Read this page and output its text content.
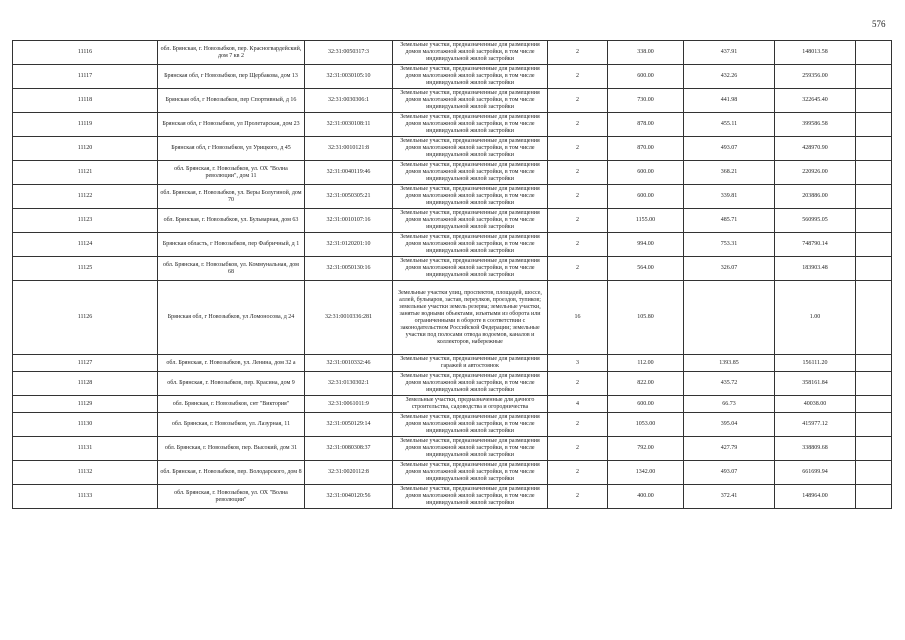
576
11116	обл. Брянская, г. Новозыбков, пер. Красногвардейский, дом 7 кв 2	32:31:0050317:3	Земельные участки, предназначенные для размещения домов малоэтажной жилой застройки, в том числе индивидуальной жилой застройки	2	338.00	437.91	148013.58	
11117	Брянская обл, г Новозыбков, пер Щербакова, дом 13	32:31:0030105:10	Земельные участки, предназначенные для размещения домов малоэтажной жилой застройки, в том числе индивидуальной жилой застройки	2	600.00	432.26	259356.00	
11118	Брянская обл, г Новозыбков, пер Спортивный, д 16	32:31:0030306:1	Земельные участки, предназначенные для размещения домов малоэтажной жилой застройки, в том числе индивидуальной жилой застройки	2	730.00	441.98	322645.40	
11119	Брянская обл, г Новозыбков, ул Пролетарская, дом 23	32:31:0030108:11	Земельные участки, предназначенные для размещения домов малоэтажной жилой застройки, в том числе индивидуальной жилой застройки	2	878.00	455.11	399586.58	
11120	Брянская обл, г Новозыбков, ул Урицкого, д 45	32:31:0010121:8	Земельные участки, предназначенные для размещения домов малоэтажной жилой застройки, в том числе индивидуальной жилой застройки	2	870.00	493.07	428970.90	
11121	обл. Брянская, г. Новозыбков, ул. ОХ "Волна революции", дом 11	32:31:0040119:46	Земельные участки, предназначенные для размещения домов малоэтажной жилой застройки, в том числе индивидуальной жилой застройки	2	600.00	368.21	220926.00	
11122	обл. Брянская, г. Новозыбков, ул. Веры Болугиной, дом 70	32:31:0050305:21	Земельные участки, предназначенные для размещения домов малоэтажной жилой застройки, в том числе индивидуальной жилой застройки	2	600.00	339.81	203886.00	
11123	обл. Брянская, г. Новозыбков, ул. Бульварная, дом 63	32:31:0010107:16	Земельные участки, предназначенные для размещения домов малоэтажной жилой застройки, в том числе индивидуальной жилой застройки	2	1155.00	485.71	560995.05	
11124	Брянская область, г Новозыбков, пер Фабричный, д 1	32:31:0120201:10	Земельные участки, предназначенные для размещения домов малоэтажной жилой застройки, в том числе индивидуальной жилой застройки	2	994.00	753.31	748790.14	
11125	обл. Брянская, г. Новозыбков, ул. Коммунальная, дом 68	32:31:0050130:16	Земельные участки, предназначенные для размещения домов малоэтажной жилой застройки, в том числе индивидуальной жилой застройки	2	564.00	326.07	183903.48	
11126	Брянская обл, г Новозыбков, ул Ломоносова, д 24	32:31:0010336:281	Земельные участки улиц, проспектов, площадей, шоссе, аллей, бульваров, застав, переулков, проездов, тупиков; земельные участки земель резерва; земельные участки, занятые водными объектами, изъятыми из оборота или ограниченными в обороте в соответствии с законодательством Российской Федерации; земельные участки под полосами отвода водоемов, каналов и коллекторов, набережные	16	105.80		1.00	
11127	обл. Брянская, г. Новозыбков, ул. Ленина, дом 32 а	32:31:0010332:46	Земельные участки, предназначенные для размещения гаражей и автостоянок	3	112.00	1393.85	156111.20	
11128	обл. Брянская, г. Новозыбков, пер. Красина, дом 9	32:31:0130302:1	Земельные участки, предназначенные для размещения домов малоэтажной жилой застройки, в том числе индивидуальной жилой застройки	2	822.00	435.72	358161.84	
11129	обл. Брянская, г. Новозыбков, снт "Виктория"	32:31:0061011:9	Земельные участки, предназначенные для дачного строительства, садоводства и огородничества	4	600.00	66.73	40038.00	
11130	обл. Брянская, г. Новозыбков, ул. Лазурная, 11	32:31:0050129:14	Земельные участки, предназначенные для размещения домов малоэтажной жилой застройки, в том числе индивидуальной жилой застройки	2	1053.00	395.04	415977.12	
11131	обл. Брянская, г. Новозыбков, пер. Высокий, дом 31	32:31:0080308:37	Земельные участки, предназначенные для размещения домов малоэтажной жилой застройки, в том числе индивидуальной жилой застройки	2	792.00	427.79	338809.68	
11132	обл. Брянская, г. Новозыбков, пер. Володарского, дом 8	32:31:0020112:8	Земельные участки, предназначенные для размещения домов малоэтажной жилой застройки, в том числе индивидуальной жилой застройки	2	1342.00	493.07	661699.94	
11133	обл. Брянская, г. Новозыбков, ул. ОХ "Волна революции"	32:31:0040120:56	Земельные участки, предназначенные для размещения домов малоэтажной жилой застройки, в том числе индивидуальной жилой застройки	2	400.00	372.41	148964.00	
